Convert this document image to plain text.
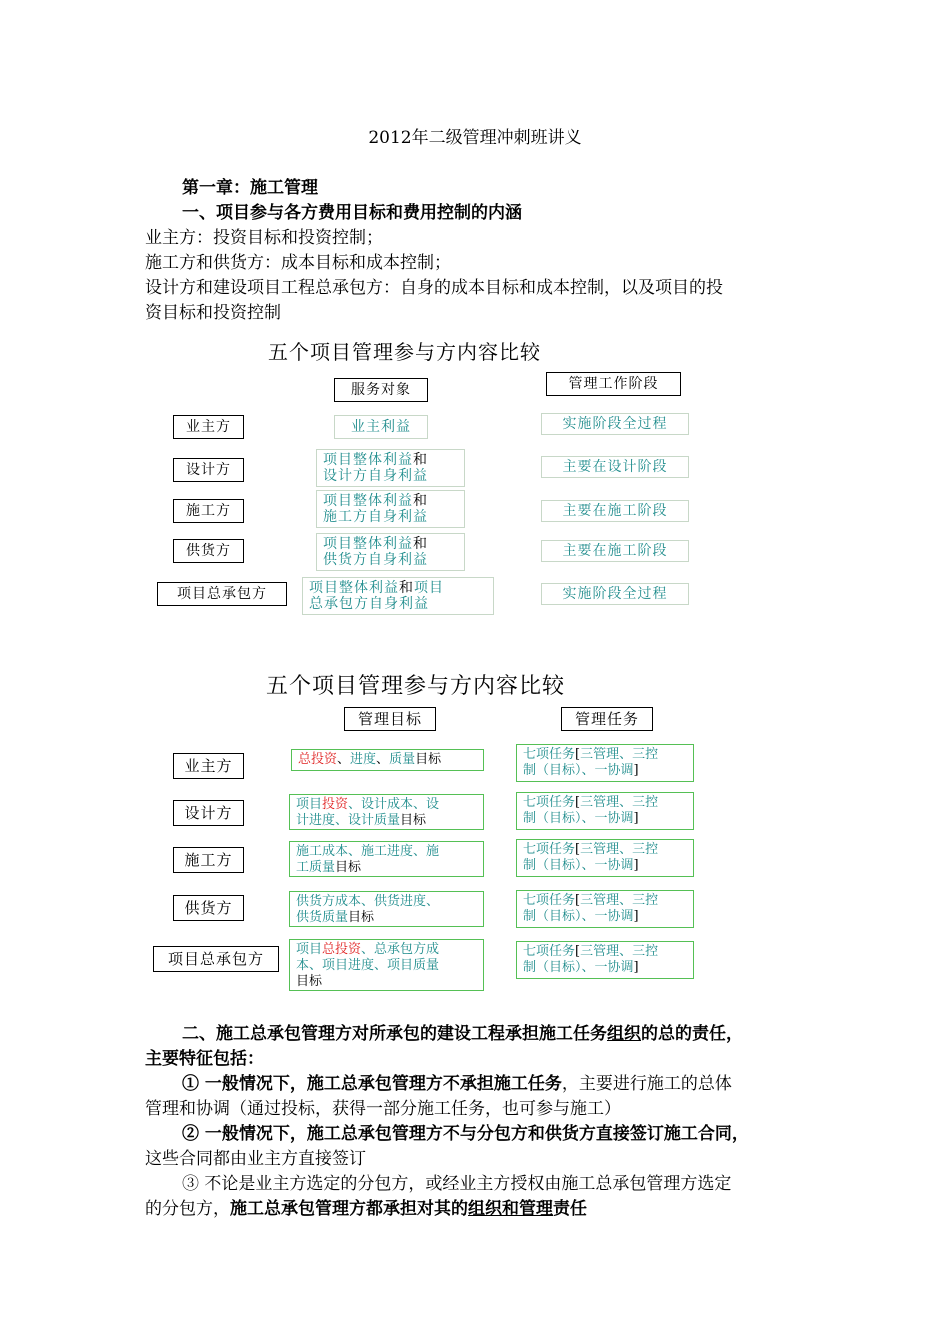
2012年二级管理冲刺班讲义
第一章：施工管理
一、项目参与各方费用目标和费用控制的内涵
业主方：投资目标和投资控制；
施工方和供货方：成本目标和成本控制；
设计方和建设项目工程总承包方：自身的成本目标和成本控制，以及项目的投
资目标和投资控制
五个项目管理参与方内容比较
服务对象	管理工作阶段
业主方
设计方
施工方
供货方
项目总承包方
业主利益
项目整体利益和
设计方自身利益
项目整体利益和
施工方自身利益
项目整体利益和
供货方自身利益
项目整体利益和项目
总承包方自身利益
实施阶段全过程
主要在设计阶段
主要在施工阶段
主要在施工阶段
实施阶段全过程
五个项目管理参与方内容比较
管理目标	管理任务
业主方
设计方
施工方
供货方
项目总承包方
总投资、进度、质量目标
项目投资、设计成本、设
计进度、设计质量目标
施工成本、施工进度、施
工质量目标
供货方成本、供货进度、
供货质量目标
项目总投资、总承包方成
本、项目进度、项目质量
目标
七项任务[三管理、三控
制（目标）、一协调]
七项任务[三管理、三控
制（目标）、一协调]
七项任务[三管理、三控
制（目标）、一协调]
七项任务[三管理、三控
制（目标）、一协调]
七项任务[三管理、三控
制（目标）、一协调]
二、施工总承包管理方对所承包的建设工程承担施工任务组织的总的责任，
主要特征包括：
① 一般情况下，施工总承包管理方不承担施工任务，主要进行施工的总体
管理和协调（通过投标，获得一部分施工任务，也可参与施工）
② 一般情况下，施工总承包管理方不与分包方和供货方直接签订施工合同，
这些合同都由业主方直接签订
③ 不论是业主方选定的分包方，或经业主方授权由施工总承包管理方选定
的分包方，施工总承包管理方都承担对其的组织和管理责任
